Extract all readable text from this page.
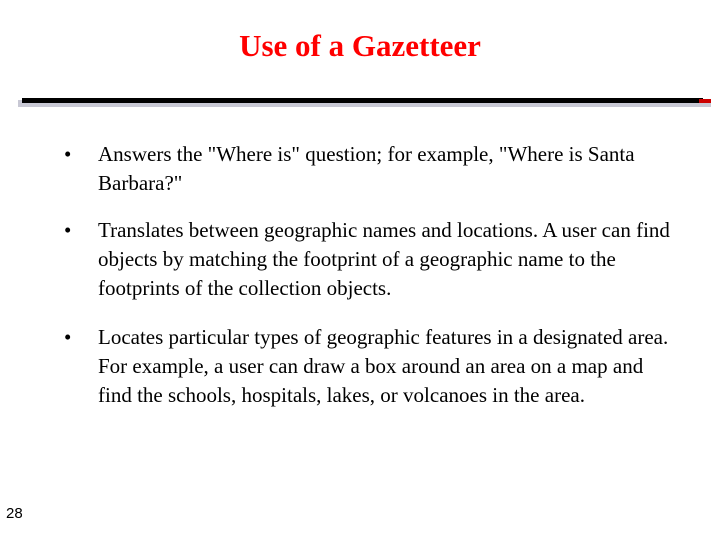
Use of a Gazetteer
• Answers the "Where is" question; for example, "Where is Santa Barbara?"
• Translates between geographic names and locations. A user can find objects by matching the footprint of a geographic name to the footprints of the collection objects.
• Locates particular types of geographic features in a designated area. For example, a user can draw a box around an area on a map and find the schools, hospitals, lakes, or volcanoes in the area.
28
